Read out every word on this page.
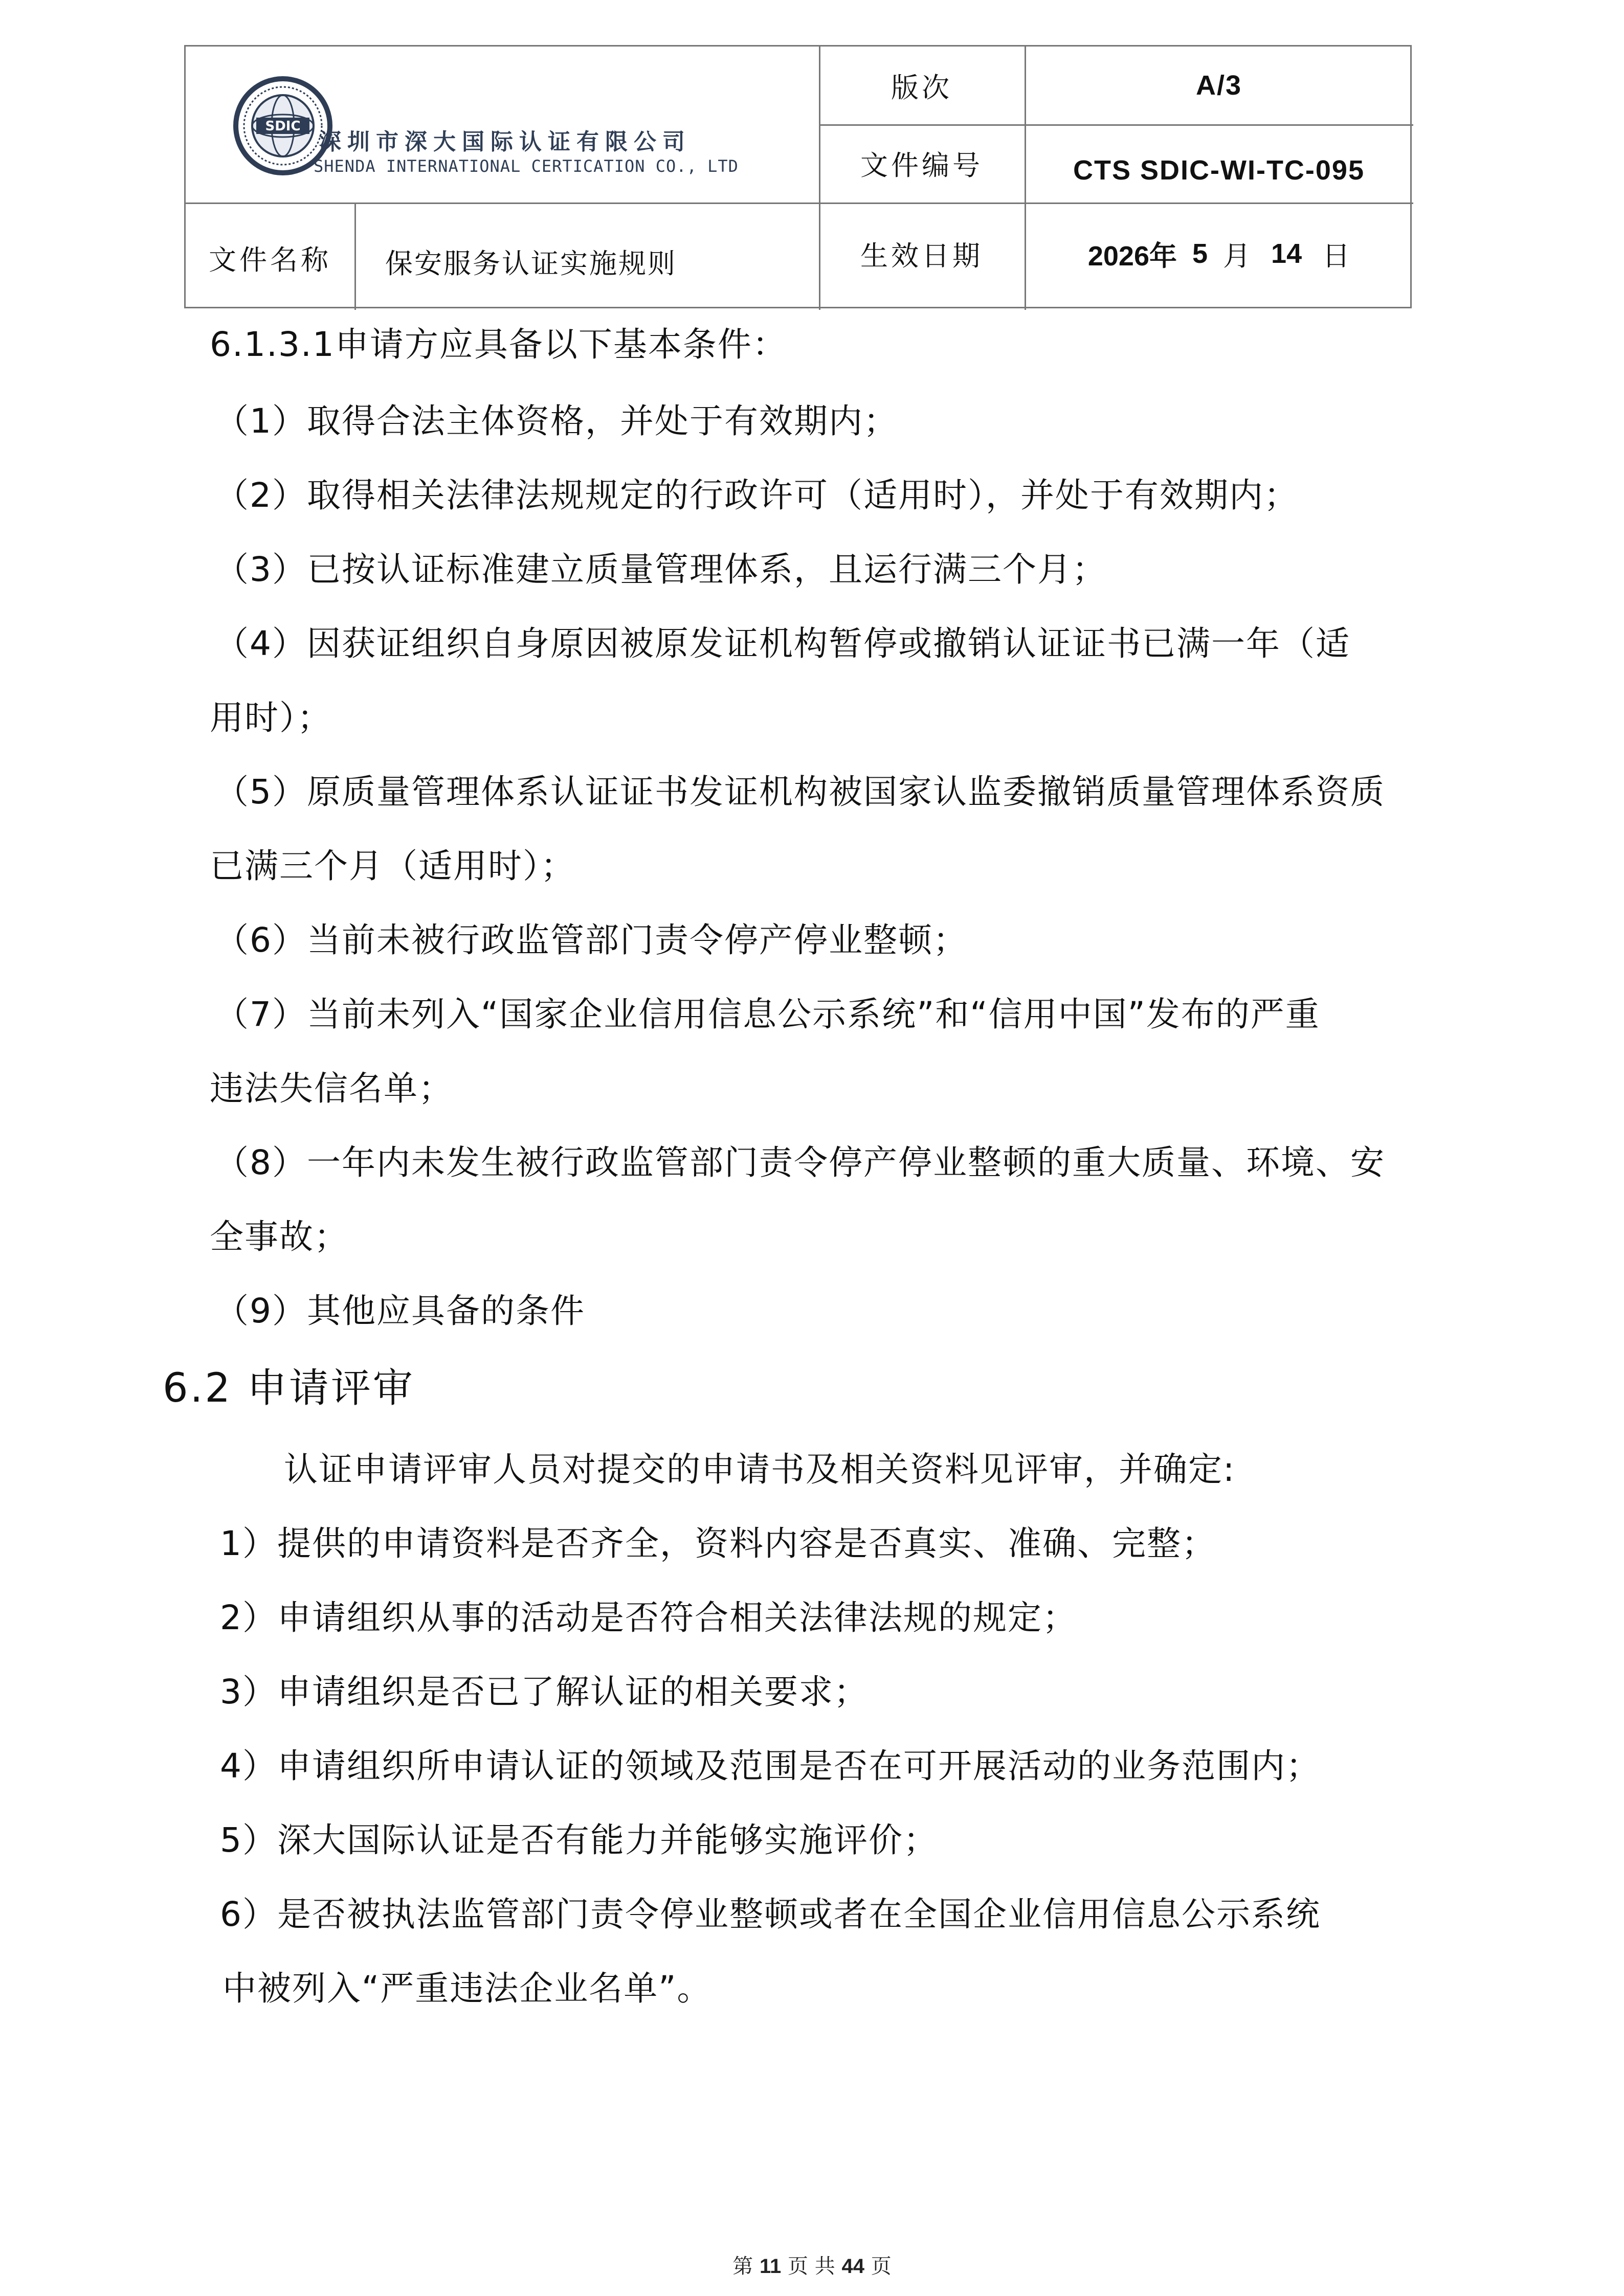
SDIC
深圳市深大国际认证有限公司
SHENDA INTERNATIONAL CERTICATION CO., LTD
版次	A/3
文件编号	CTS SDIC-WI-TC-095
文件名称	保安服务认证实施规则	生效日期	2026年 5 月 14 日
6.1.3.1申请方应具备以下基本条件：
（1）取得合法主体资格，并处于有效期内；
（2）取得相关法律法规规定的行政许可（适用时），并处于有效期内；
（3）已按认证标准建立质量管理体系，且运行满三个月；
（4）因获证组织自身原因被原发证机构暂停或撤销认证证书已满一年（适
用时）；
（5）原质量管理体系认证证书发证机构被国家认监委撤销质量管理体系资质
已满三个月（适用时）；
（6）当前未被行政监管部门责令停产停业整顿；
（7）当前未列入“国家企业信用信息公示系统”和“信用中国”发布的严重
违法失信名单；
（8）一年内未发生被行政监管部门责令停产停业整顿的重大质量、环境、安
全事故；
（9）其他应具备的条件
6.2 申请评审
认证申请评审人员对提交的申请书及相关资料见评审，并确定:
1）提供的申请资料是否齐全，资料内容是否真实、准确、完整；
2）申请组织从事的活动是否符合相关法律法规的规定；
3）申请组织是否已了解认证的相关要求；
4）申请组织所申请认证的领域及范围是否在可开展活动的业务范围内；
5）深大国际认证是否有能力并能够实施评价；
6）是否被执法监管部门责令停业整顿或者在全国企业信用信息公示系统
中被列入“严重违法企业名单”。
第 11 页 共 44 页
